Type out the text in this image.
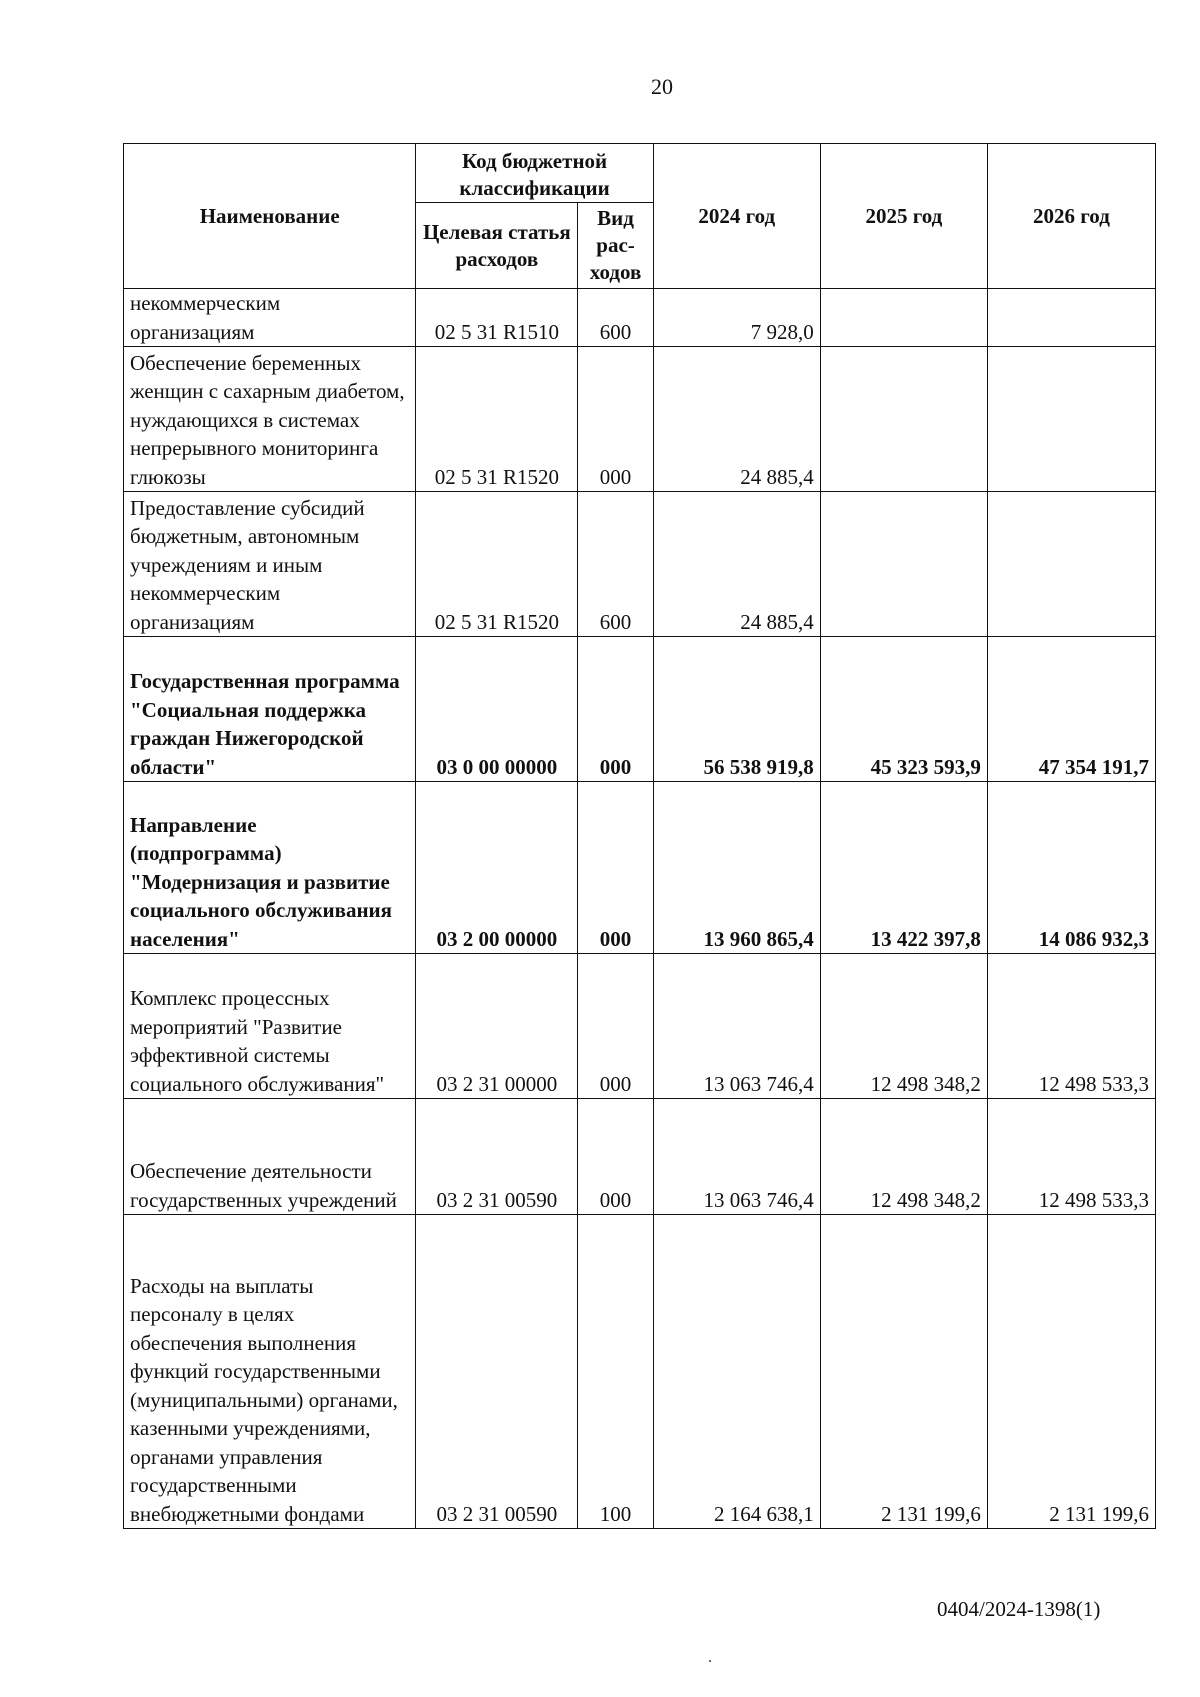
20
Наименование	Код бюджетной классификации		2024 год	2025 год	2026 год
	Целевая статья расходов	Вид рас-ходов			
некоммерческим организациям	02 5 31 R1510	600	7 928,0		
Обеспечение беременных женщин с сахарным диабетом, нуждающихся в системах непрерывного мониторинга глюкозы	02 5 31 R1520	000	24 885,4		
Предоставление субсидий бюджетным, автономным учреждениям и иным некоммерческим организациям	02 5 31 R1520	600	24 885,4		
Государственная программа "Социальная поддержка граждан Нижегородской области"	03 0 00 00000	000	56 538 919,8	45 323 593,9	47 354 191,7
Направление (подпрограмма) "Модернизация и развитие социального обслуживания населения"	03 2 00 00000	000	13 960 865,4	13 422 397,8	14 086 932,3
Комплекс процессных мероприятий "Развитие эффективной системы социального обслуживания"	03 2 31 00000	000	13 063 746,4	12 498 348,2	12 498 533,3
Обеспечение деятельности государственных учреждений	03 2 31 00590	000	13 063 746,4	12 498 348,2	12 498 533,3
Расходы на выплаты персоналу в целях обеспечения выполнения функций государственными (муниципальными) органами, казенными учреждениями, органами управления государственными внебюджетными фондами	03 2 31 00590	100	2 164 638,1	2 131 199,6	2 131 199,6
0404/2024-1398(1)
